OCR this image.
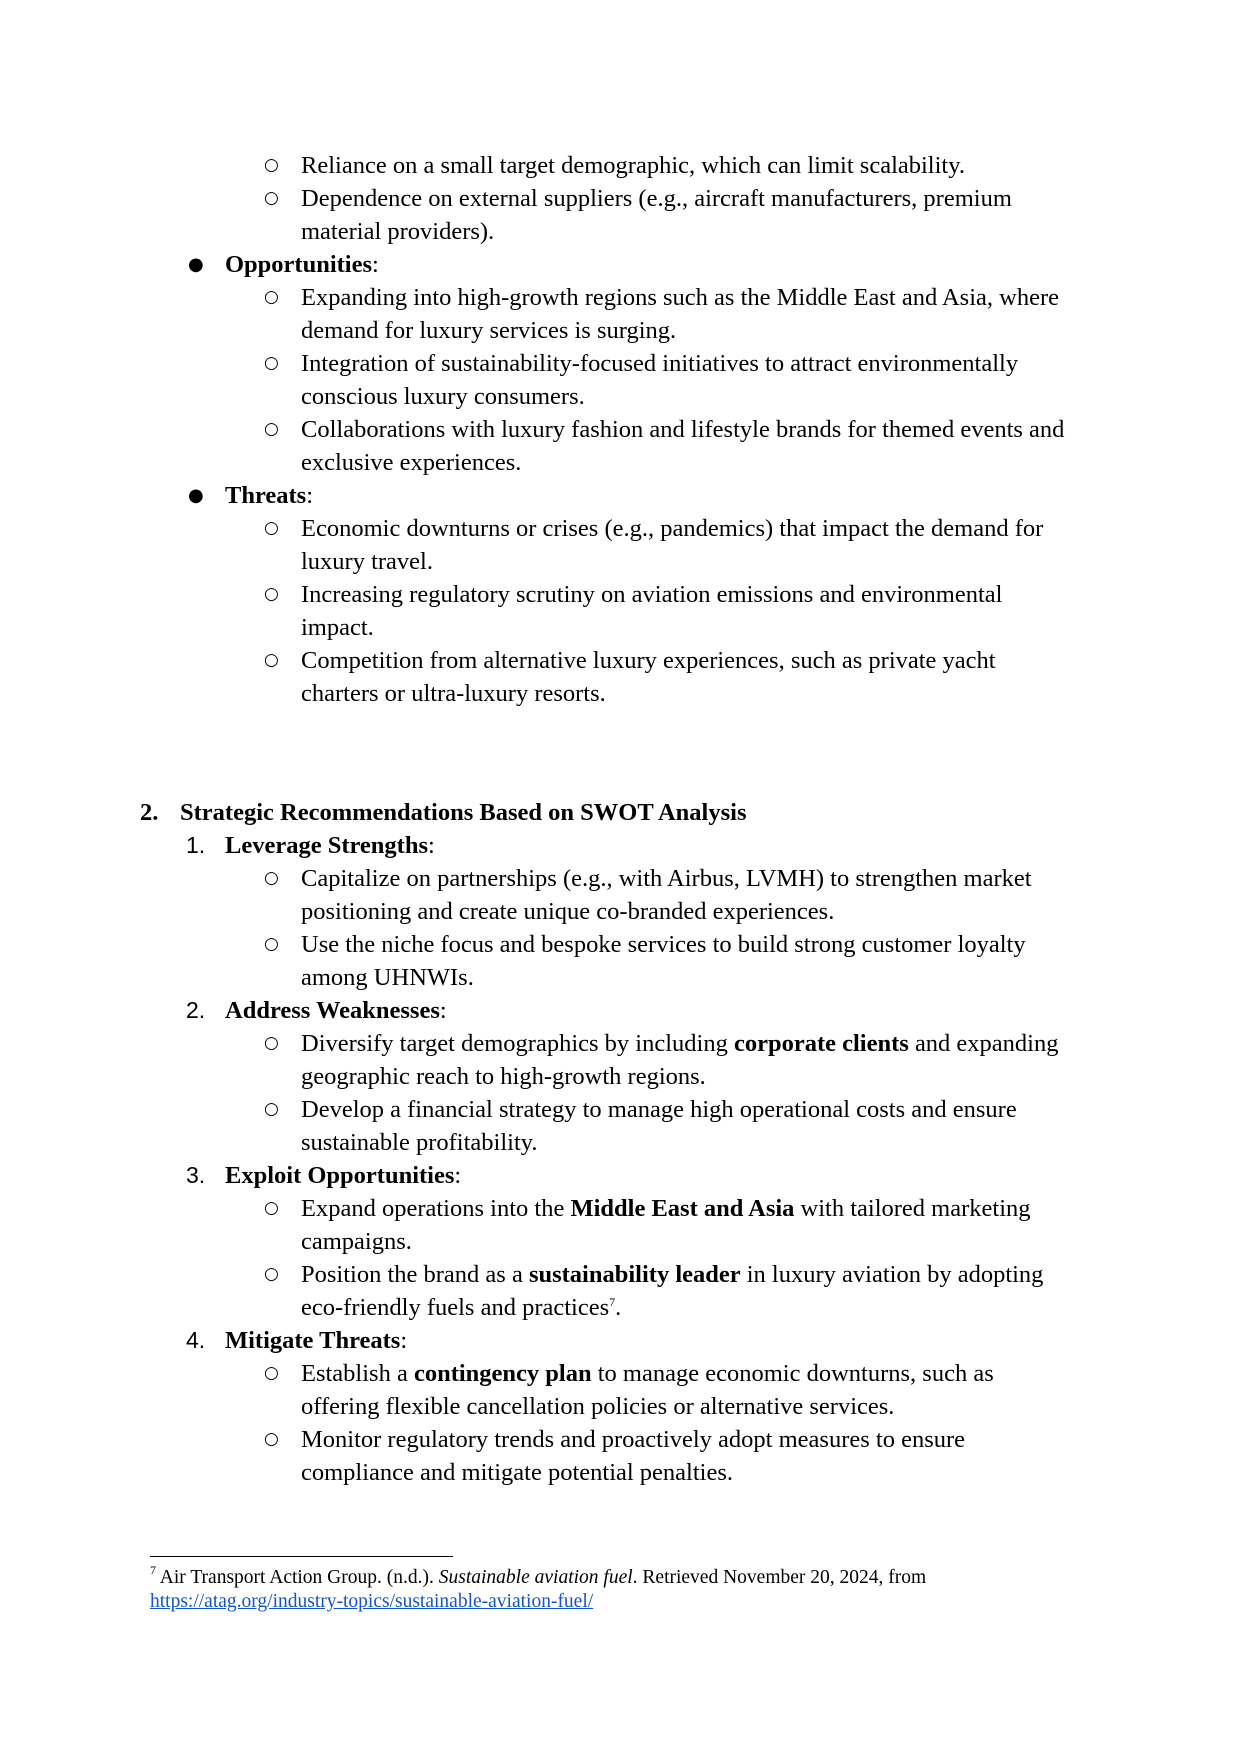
○ Reliance on a small target demographic, which can limit scalability.
○ Dependence on external suppliers (e.g., aircraft manufacturers, premium
material providers).
● Opportunities:
○ Expanding into high-growth regions such as the Middle East and Asia, where
demand for luxury services is surging.
○ Integration of sustainability-focused initiatives to attract environmentally
conscious luxury consumers.
○ Collaborations with luxury fashion and lifestyle brands for themed events and
exclusive experiences.
● Threats:
○ Economic downturns or crises (e.g., pandemics) that impact the demand for
luxury travel.
○ Increasing regulatory scrutiny on aviation emissions and environmental
impact.
○ Competition from alternative luxury experiences, such as private yacht
charters or ultra-luxury resorts.
2. Strategic Recommendations Based on SWOT Analysis
1. Leverage Strengths:
○ Capitalize on partnerships (e.g., with Airbus, LVMH) to strengthen market
positioning and create unique co-branded experiences.
○ Use the niche focus and bespoke services to build strong customer loyalty
among UHNWIs.
2. Address Weaknesses:
○ Diversify target demographics by including corporate clients and expanding
geographic reach to high-growth regions.
○ Develop a financial strategy to manage high operational costs and ensure
sustainable profitability.
3. Exploit Opportunities:
○ Expand operations into the Middle East and Asia with tailored marketing
campaigns.
○ Position the brand as a sustainability leader in luxury aviation by adopting
eco-friendly fuels and practices$^7$.
4. Mitigate Threats:
○ Establish a contingency plan to manage economic downturns, such as
offering flexible cancellation policies or alternative services.
○ Monitor regulatory trends and proactively adopt measures to ensure
compliance and mitigate potential penalties.
$^7$ Air Transport Action Group. (n.d.). Sustainable aviation fuel. Retrieved November 20, 2024, from
https://atag.org/industry-topics/sustainable-aviation-fuel/
